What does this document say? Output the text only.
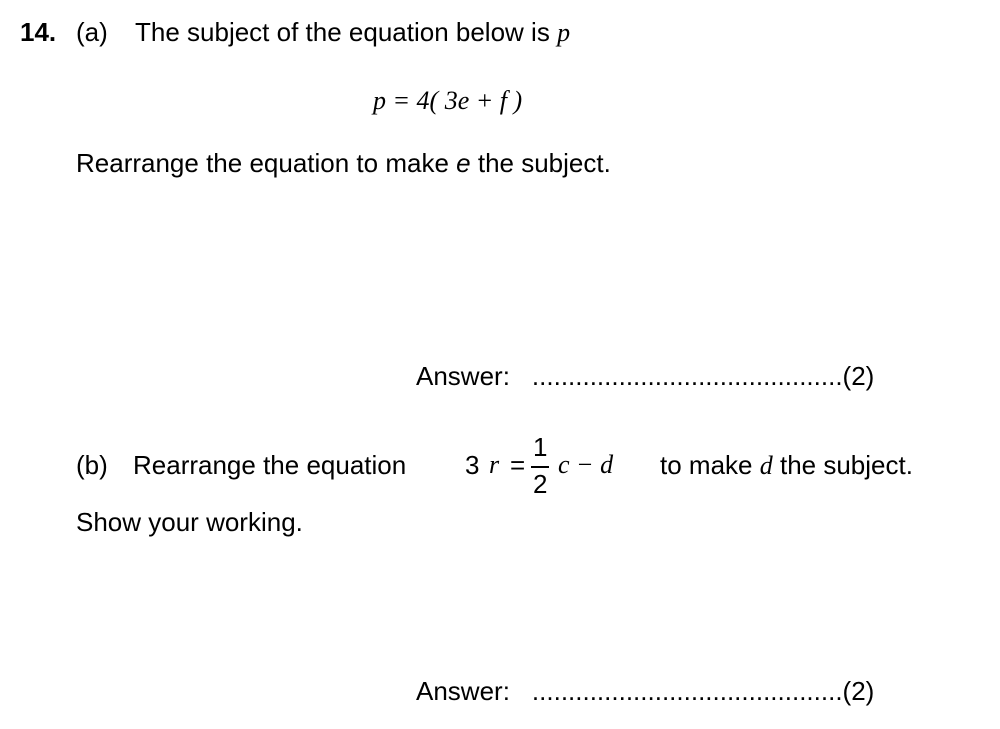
14. (a) The subject of the equation below is p
p = 4( 3e + f )
Rearrange the equation to make e the subject.
Answer: ...........................................(2)
(b) Rearrange the equation 3 r =
1
2
c − d to make d the subject.
Show your working.
Answer: ...........................................(2)
